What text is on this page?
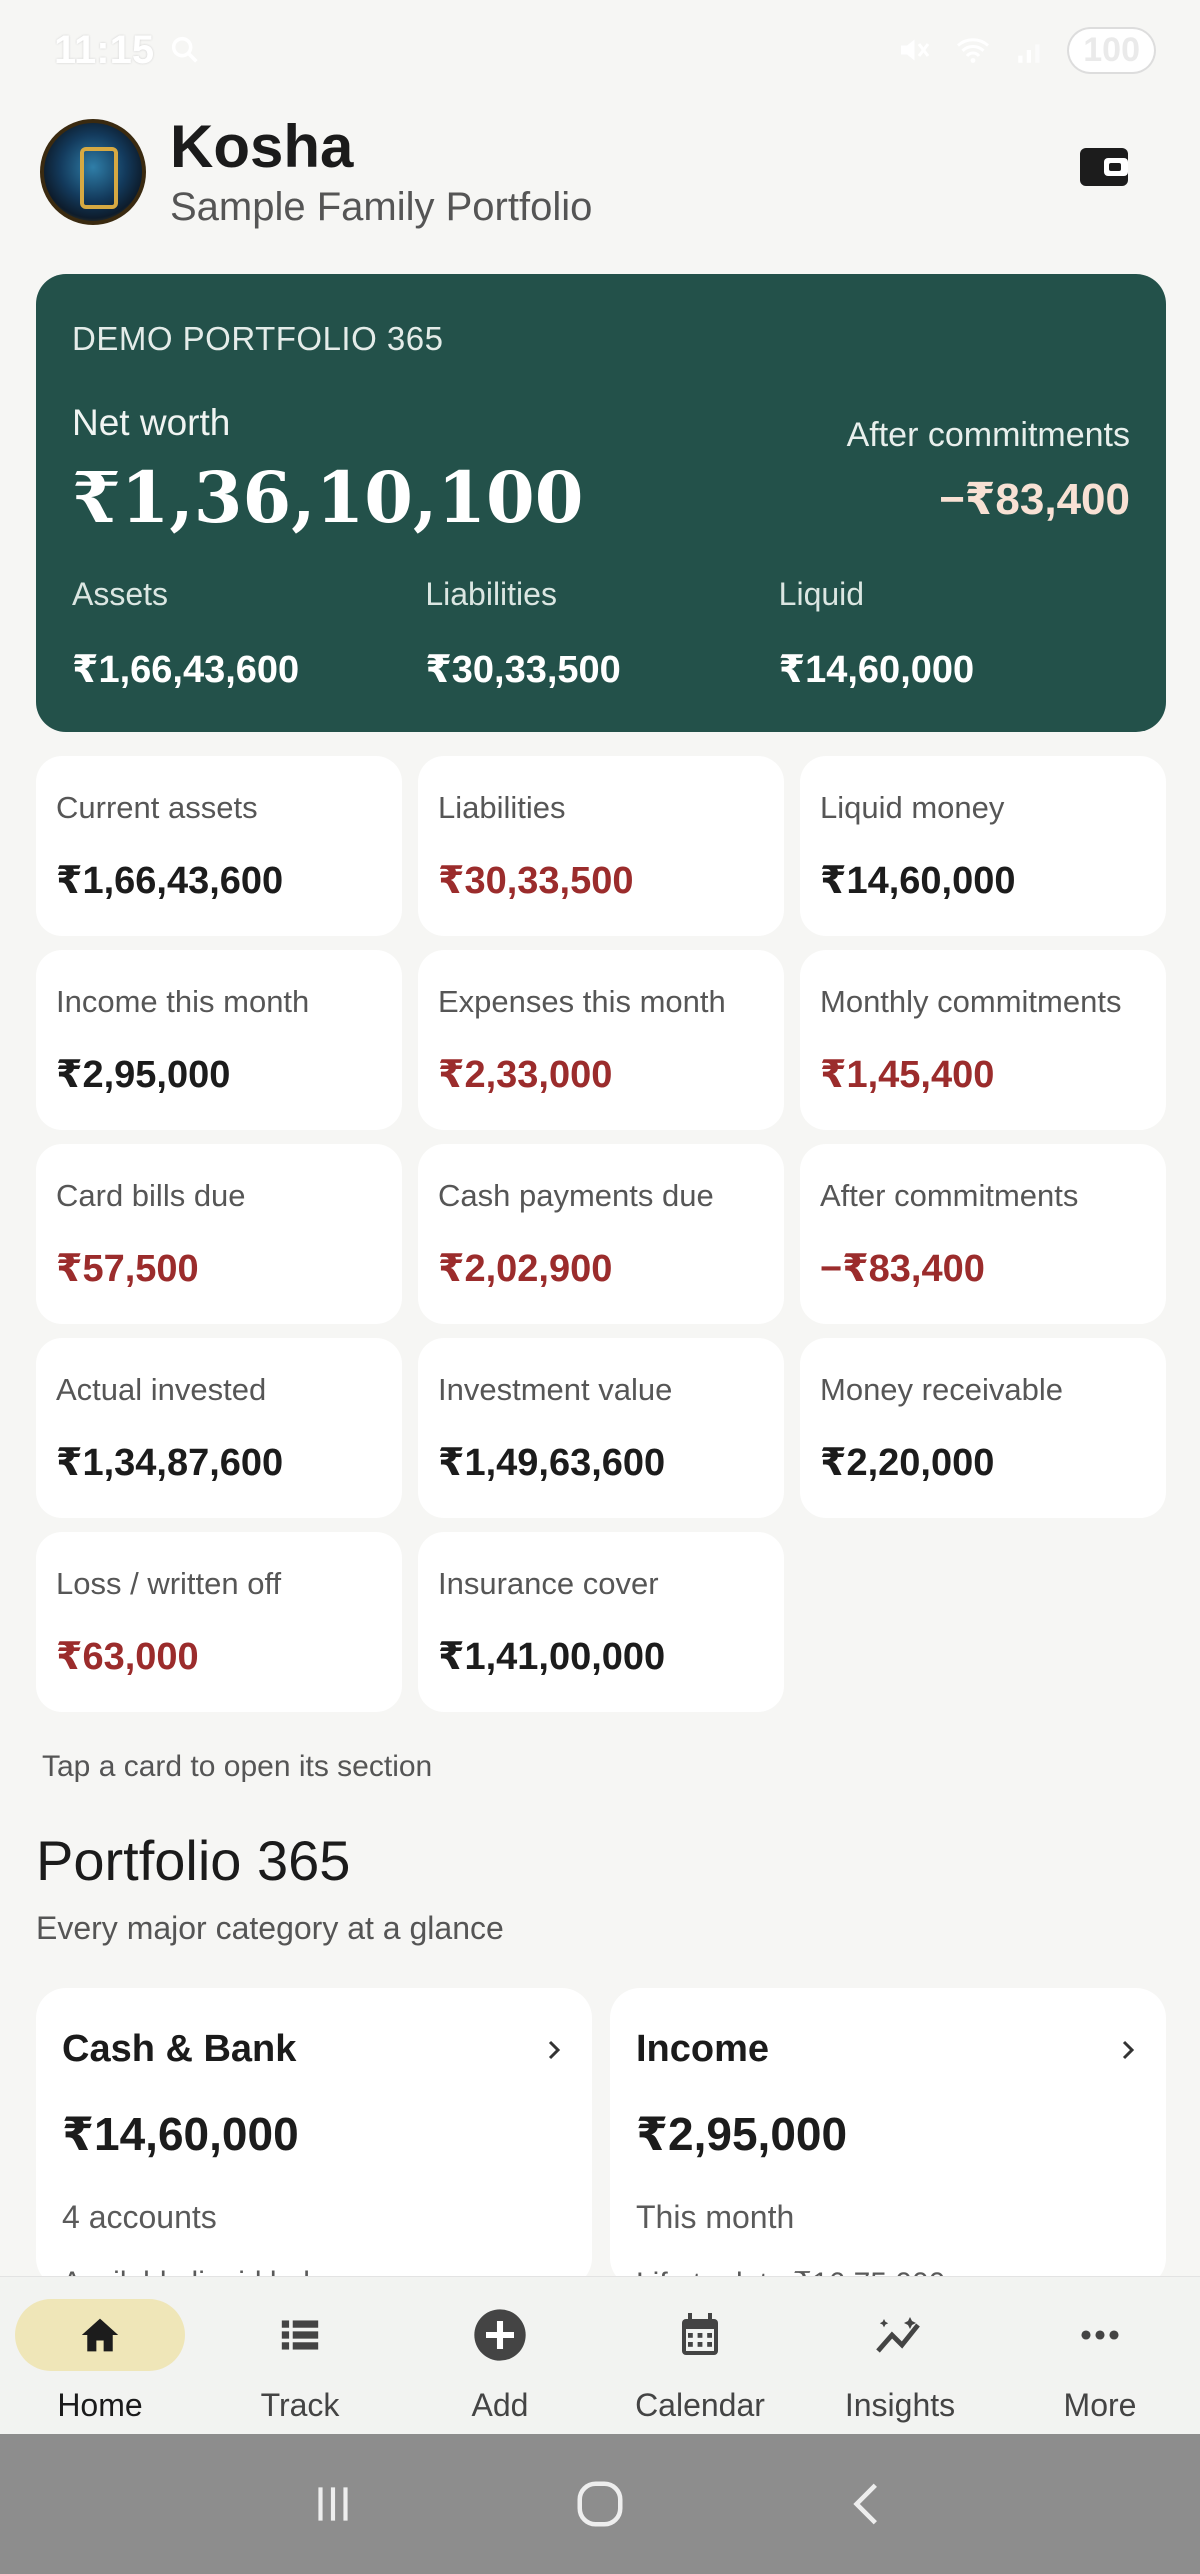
11:15	100
Kosha
Sample Family Portfolio
DEMO PORTFOLIO 365
Net worth
₹1,36,10,100
After commitments
−₹83,400
Assets
₹1,66,43,600
Liabilities
₹30,33,500
Liquid
₹14,60,000
Current assets
₹1,66,43,600
Liabilities
₹30,33,500
Liquid money
₹14,60,000
Income this month
₹2,95,000
Expenses this month
₹2,33,000
Monthly commitments
₹1,45,400
Card bills due
₹57,500
Cash payments due
₹2,02,900
After commitments
−₹83,400
Actual invested
₹1,34,87,600
Investment value
₹1,49,63,600
Money receivable
₹2,20,000
Loss / written off
₹63,000
Insurance cover
₹1,41,00,000
Tap a card to open its section
Portfolio 365
Every major category at a glance
Cash & Bank
₹14,60,000
4 accounts
Income
₹2,95,000
This month
Home	Track	Add	Calendar Insights	More
